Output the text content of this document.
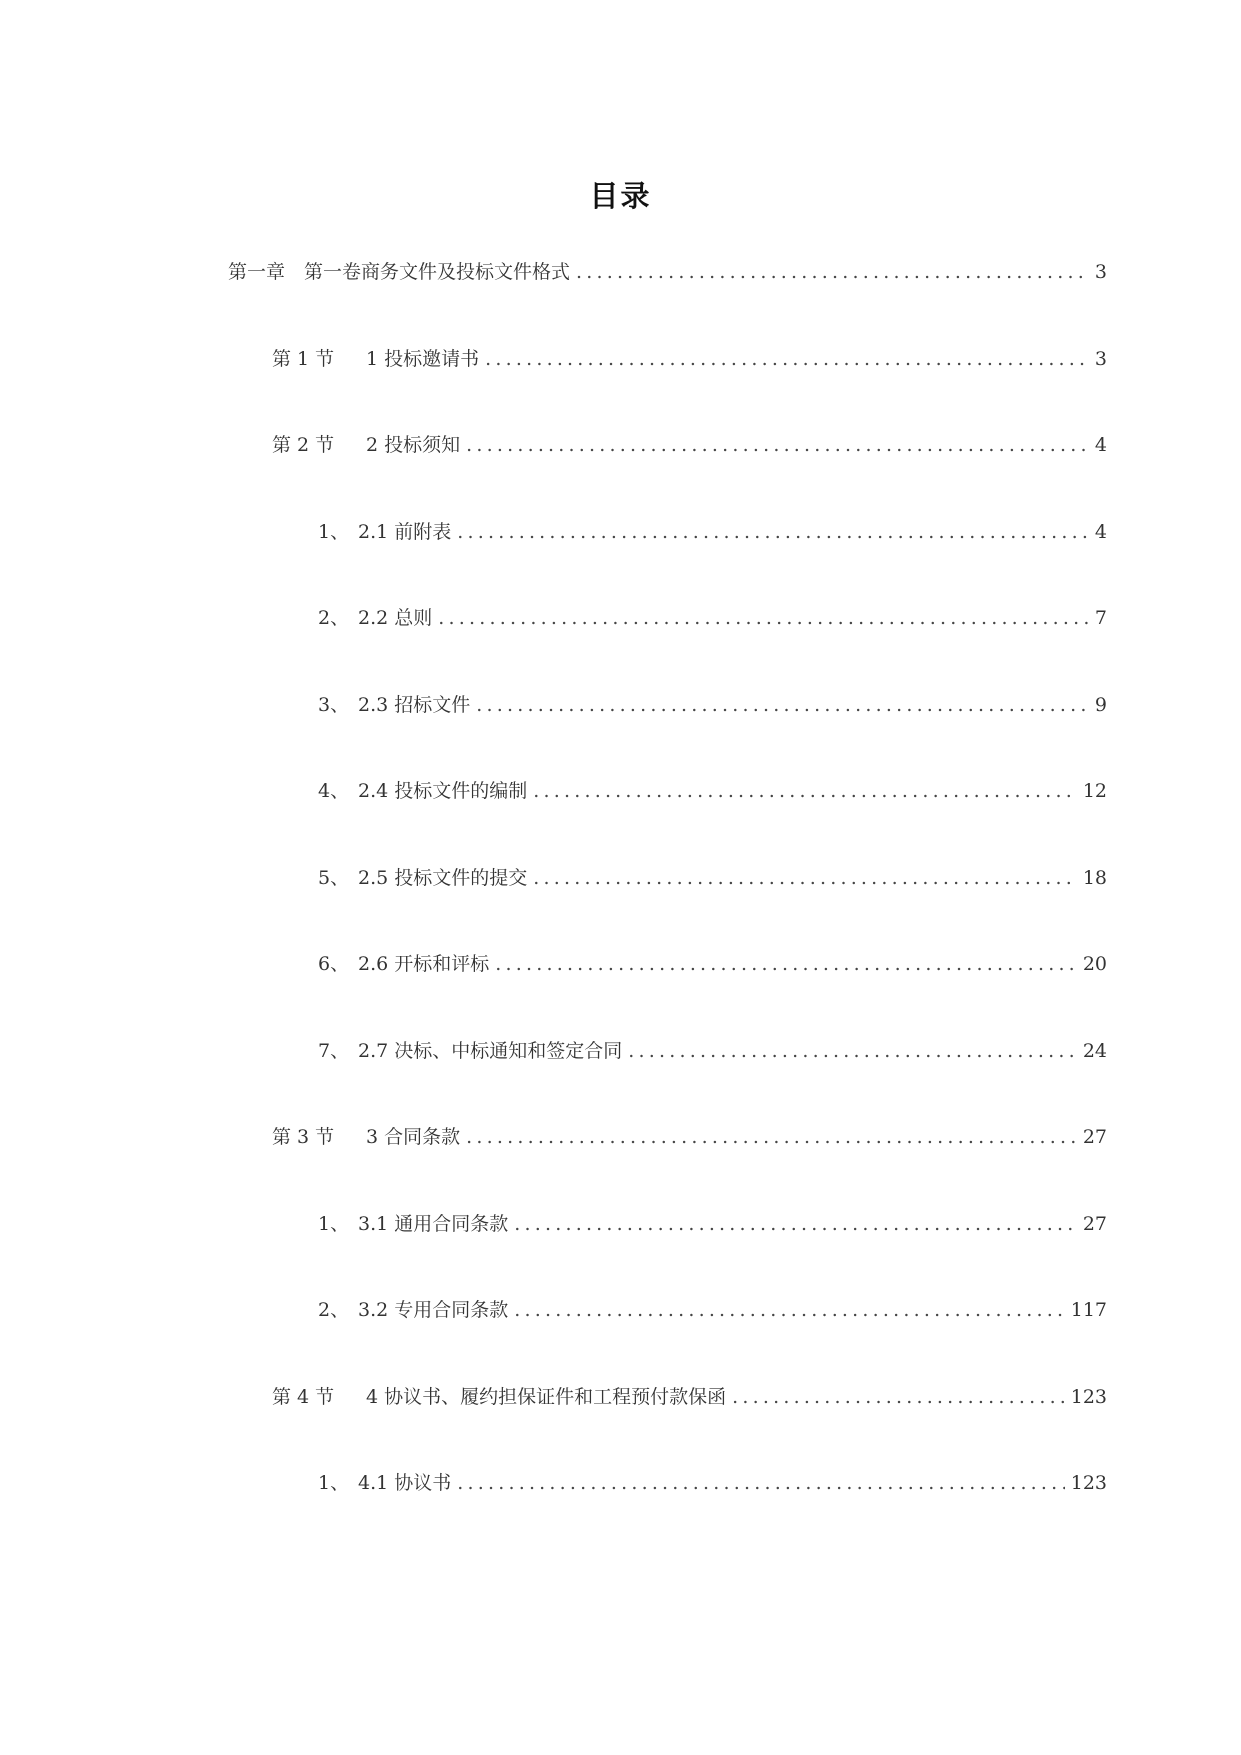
目录
第一章 第一卷商务文件及投标文件格式 .....	3
第 1 节	1 投标邀请书 .....	3
第 2 节	2 投标须知 .....	4
1、 2.1 前附表 .....	4
2、 2.2 总则 .....	7
3、 2.3 招标文件 .....	9
4、 2.4 投标文件的编制 .....	12
5、 2.5 投标文件的提交 .....	18
6、 2.6 开标和评标 .....	20
7、 2.7 决标、中标通知和签定合同 .....	24
第 3 节	3 合同条款 .....	27
1、 3.1 通用合同条款 .....	27
2、 3.2 专用合同条款 .....	117
第 4 节	4 协议书、履约担保证件和工程预付款保函 .....	123
1、 4.1 协议书 .....	123
